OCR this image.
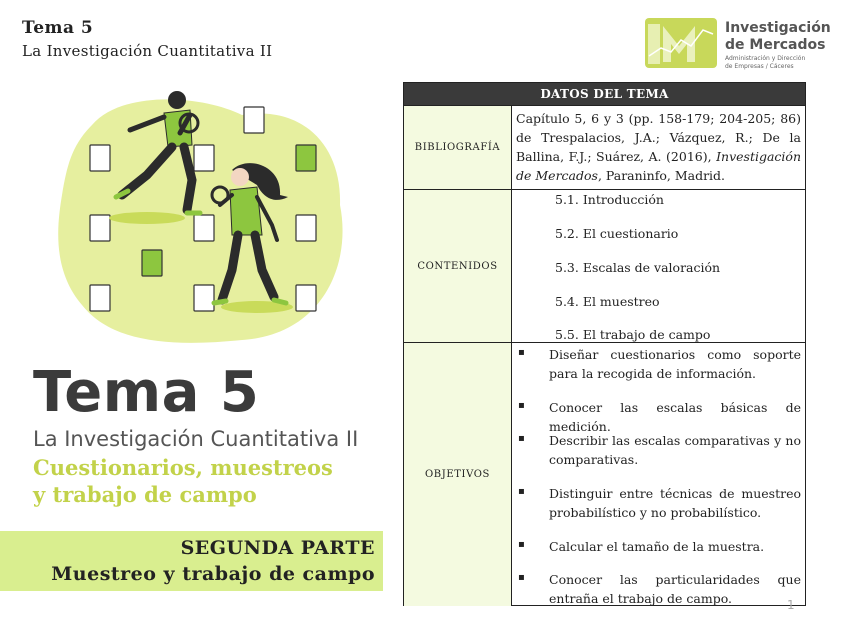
Tema 5
La Investigación Cuantitativa II
Investigación
de Mercados
Administración y Dirección
de Empresas / Cáceres
Tema 5
La Investigación Cuantitativa II
Cuestionarios, muestreos
y trabajo de campo
SEGUNDA PARTE
Muestreo y trabajo de campo
DATOS DEL TEMA
BIBLIOGRAFÍA
Capítulo 5, 6 y 3 (pp. 158-179; 204-205; 86) de Trespalacios, J.A.; Vázquez, R.; De la Ballina, F.J.; Suárez, A. (2016), Investigación de Mercados, Paraninfo, Madrid.
CONTENIDOS
5.1. Introducción
5.2. El cuestionario
5.3. Escalas de valoración
5.4. El muestreo
5.5. El trabajo de campo
OBJETIVOS
▪ Diseñar cuestionarios como soporte para la recogida de información.
▪ Conocer las escalas básicas de medición.
▪ Describir las escalas comparativas y no comparativas.
▪ Distinguir entre técnicas de muestreo probabilístico y no probabilístico.
▪ Calcular el tamaño de la muestra.
▪ Conocer las particularidades que entraña el trabajo de campo.	1
